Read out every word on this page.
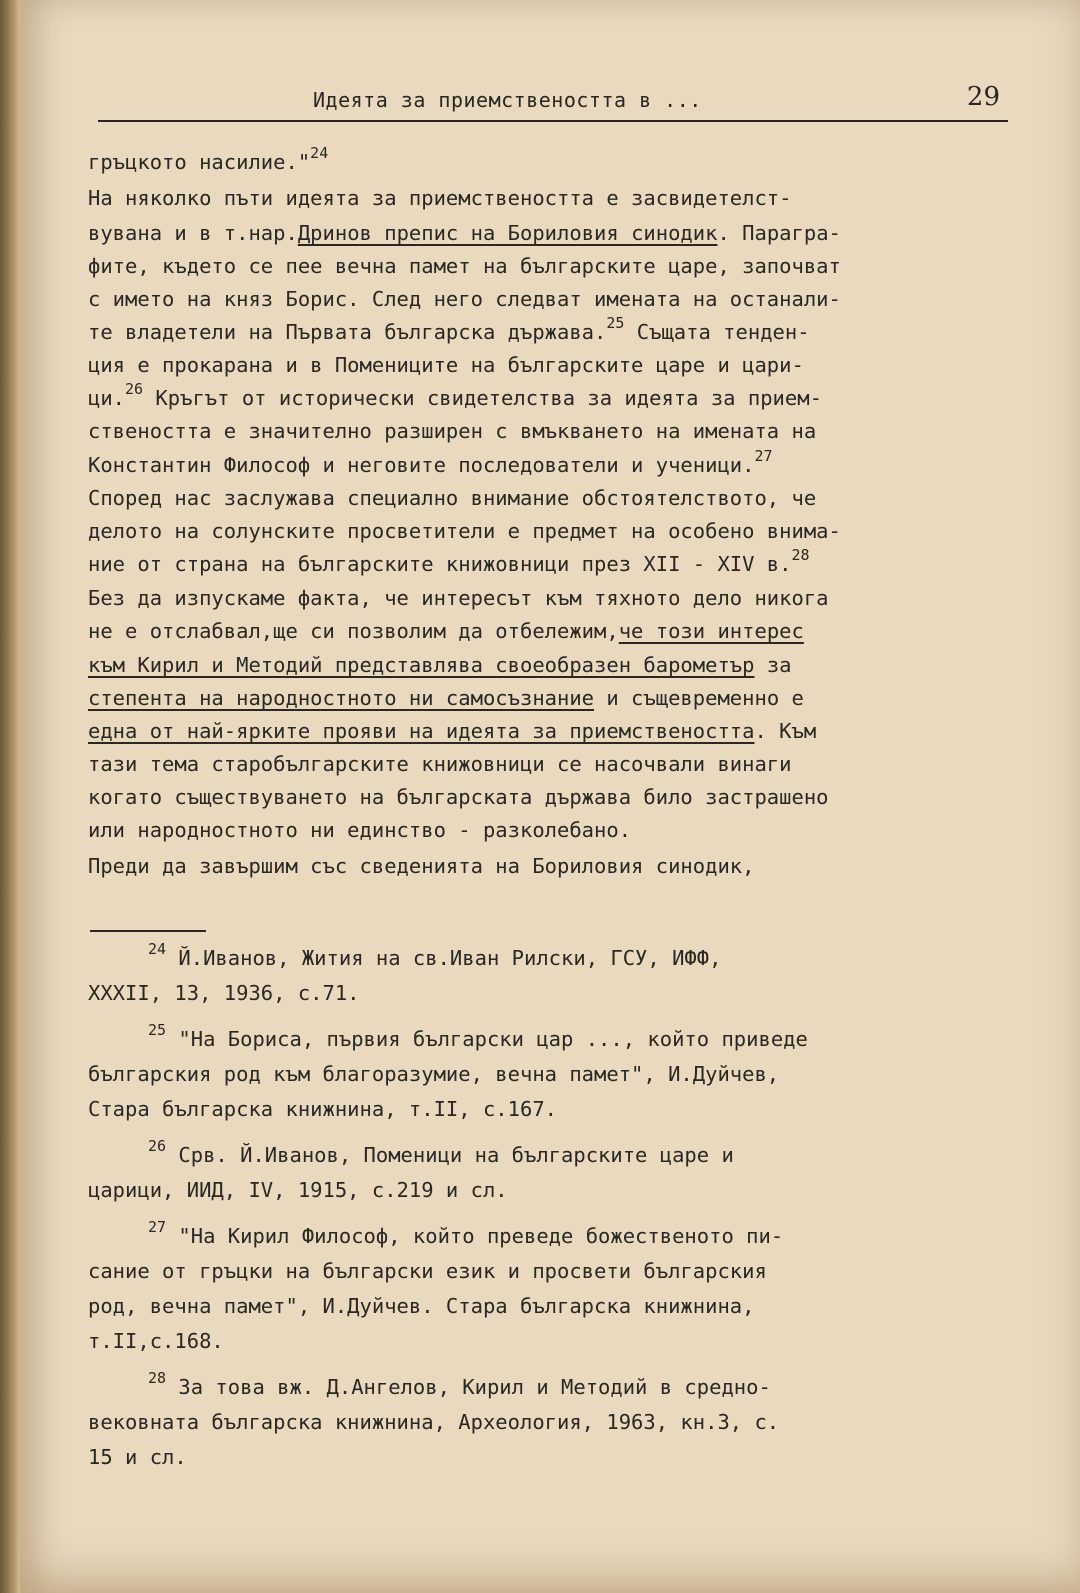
Идеята за приемствеността в ...	29
гръцкото насилие."$^{24}$
На няколко пъти идеята за приемствеността е засвидетелст-
вувана и в т.нар.Дринов препис на Бориловия синодик. Парагра-
фите, където се пее вечна памет на българските царе, започват
с името на княз Борис. След него следват имената на останали-
те владетели на Първата българска държава.$^{25}$ Същата тенден-
ция е прокарана и в Помениците на българските царе и цари-
ци.$^{26}$ Кръгът от исторически свидетелства за идеята за прием-
ствеността е значително разширен с вмъкването на имената на
Константин Философ и неговите последователи и ученици.$^{27}$
Според нас заслужава специално внимание обстоятелството, че
делото на солунските просветители е предмет на особено внима-
ние от страна на българските книжовници през XII - XIV в.$^{28}$
Без да изпускаме факта, че интересът към тяхното дело никога
не е отслабвал,ще си позволим да отбележим,че този интерес
към Кирил и Методий представлява своеобразен барометър за
степента на народностното ни самосъзнание и същевременно е
една от най-ярките прояви на идеята за приемствеността. Към
тази тема старобългарските книжовници се насочвали винаги
когато съществуването на българската държава било застрашено
или народностното ни единство - разколебано.
Преди да завършим със сведенията на Бориловия синодик,
$^{24}$ Й.Иванов, Жития на св.Иван Рилски, ГСУ, ИФФ,
XXXII, 13, 1936, с.71.
$^{25}$ "На Бориса, първия български цар ..., който приведе
българския род към благоразумие, вечна памет", И.Дуйчев,
Стара българска книжнина, т.II, с.167.
$^{26}$ Срв. Й.Иванов, Поменици на българските царе и
царици, ИИД, IV, 1915, с.219 и сл.
$^{27}$ "На Кирил Философ, който преведе божественото пи-
сание от гръцки на български език и просвети българския
род, вечна памет", И.Дуйчев. Стара българска книжнина,
т.II,с.168.
$^{28}$ За това вж. Д.Ангелов, Кирил и Методий в средно-
вековната българска книжнина, Археология, 1963, кн.3, с.
15 и сл.
